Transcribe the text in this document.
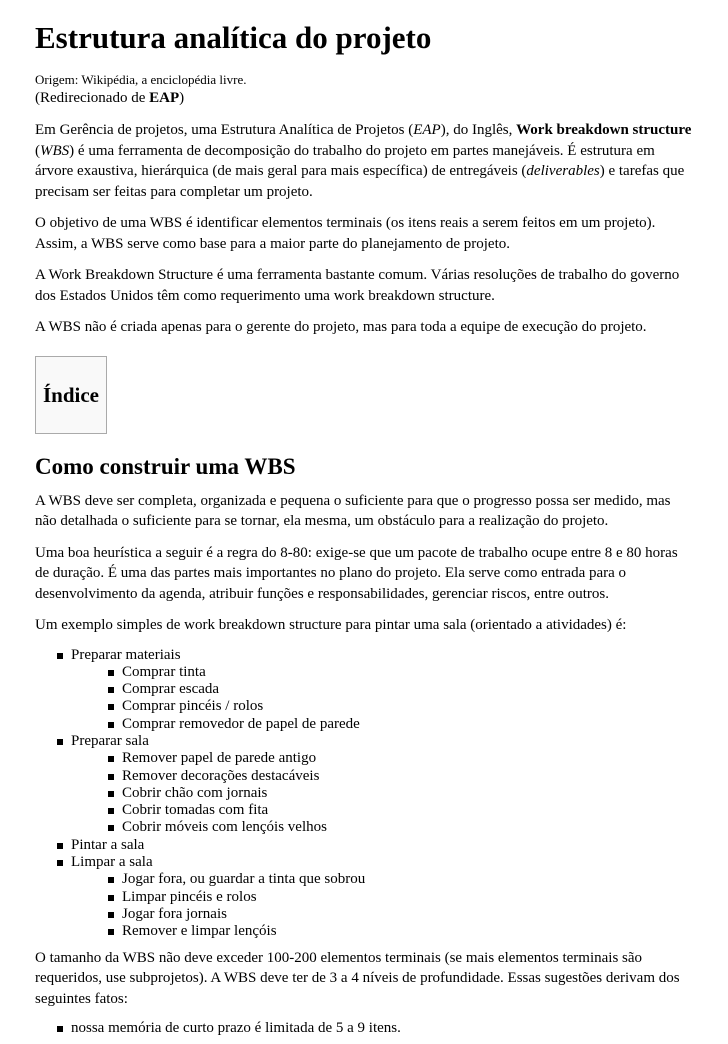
Estrutura analítica do projeto
Origem: Wikipédia, a enciclopédia livre.
(Redirecionado de EAP)

Em Gerência de projetos, uma Estrutura Analítica de Projetos (EAP), do Inglês, Work breakdown structure (WBS) é uma ferramenta de decomposição do trabalho do projeto em partes manejáveis. É estrutura em árvore exaustiva, hierárquica (de mais geral para mais específica) de entregáveis (deliverables) e tarefas que precisam ser feitas para completar um projeto.

O objetivo de uma WBS é identificar elementos terminais (os itens reais a serem feitos em um projeto). Assim, a WBS serve como base para a maior parte do planejamento de projeto.

A Work Breakdown Structure é uma ferramenta bastante comum. Várias resoluções de trabalho do governo dos Estados Unidos têm como requerimento uma work breakdown structure.

A WBS não é criada apenas para o gerente do projeto, mas para toda a equipe de execução do projeto.

Índice
Como construir uma WBS

A WBS deve ser completa, organizada e pequena o suficiente para que o progresso possa ser medido, mas não detalhada o suficiente para se tornar, ela mesma, um obstáculo para a realização do projeto.

Uma boa heurística a seguir é a regra do 8-80: exige-se que um pacote de trabalho ocupe entre 8 e 80 horas de duração. É uma das partes mais importantes no plano do projeto. Ela serve como entrada para o desenvolvimento da agenda, atribuir funções e responsabilidades, gerenciar riscos, entre outros.

Um exemplo simples de work breakdown structure para pintar uma sala (orientado a atividades) é:

Preparar materiais
Comprar tinta
Comprar escada
Comprar pincéis / rolos
Comprar removedor de papel de parede
Preparar sala
Remover papel de parede antigo
Remover decorações destacáveis
Cobrir chão com jornais
Cobrir tomadas com fita
Cobrir móveis com lençóis velhos
Pintar a sala
Limpar a sala
Jogar fora, ou guardar a tinta que sobrou
Limpar pincéis e rolos
Jogar fora jornais
Remover e limpar lençóis

O tamanho da WBS não deve exceder 100-200 elementos terminais (se mais elementos terminais são requeridos, use subprojetos). A WBS deve ter de 3 a 4 níveis de profundidade. Essas sugestões derivam dos seguintes fatos:

nossa memória de curto prazo é limitada de 5 a 9 itens.
